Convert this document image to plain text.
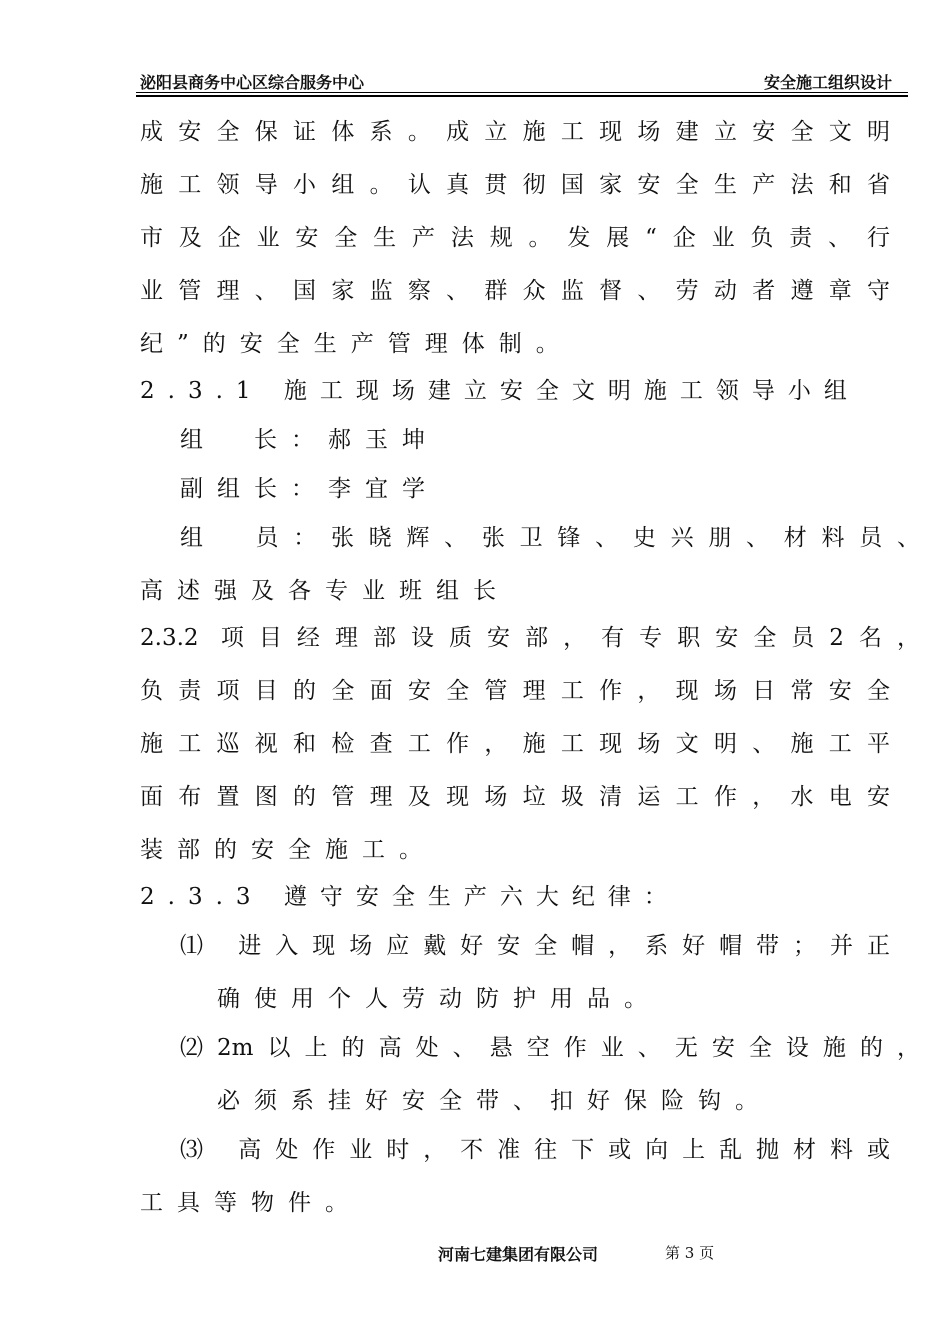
泌阳县商务中心区综合服务中心	安全施工组织设计
成安全保证体系。成立施工现场建立安全文明
施工领导小组。认真贯彻国家安全生产法和省
市及企业安全生产法规。发展“企业负责、行
业管理、国家监察、群众监督、劳动者遵章守
纪”的安全生产管理体制。
2.3.1 施工现场建立安全文明施工领导小组
组　长：郝玉坤
副组长：李宜学
组　员：张晓辉、张卫锋、史兴朋、材料员、
高述强及各专业班组长
2.3.2 项目经理部设质安部，有专职安全员2名，
负责项目的全面安全管理工作，现场日常安全
施工巡视和检查工作，施工现场文明、施工平
面布置图的管理及现场垃圾清运工作，水电安
装部的安全施工。
2.3.3 遵守安全生产六大纪律：
⑴ 进入现场应戴好安全帽，系好帽带；并正
确使用个人劳动防护用品。
⑵2m以上的高处、悬空作业、无安全设施的，
必须系挂好安全带、扣好保险钩。
⑶ 高处作业时，不准往下或向上乱抛材料或
工具等物件。
河南七建集团有限公司	第 3 页
